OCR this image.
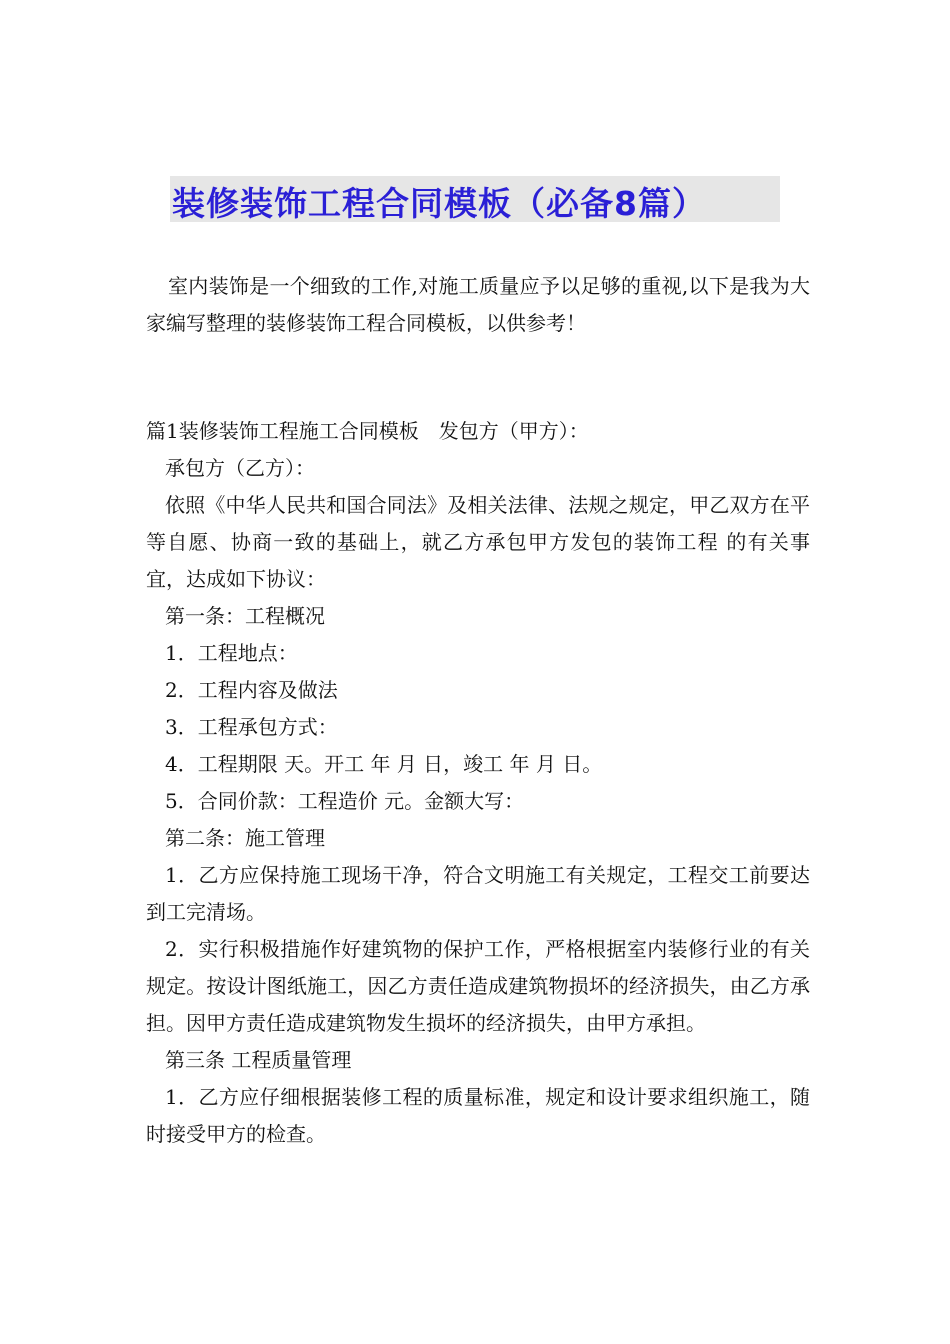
装修装饰工程合同模板（必备8篇）
室内装饰是一个细致的工作,对施工质量应予以足够的重视,以下是我为大家编写整理的装修装饰工程合同模板，以供参考！

篇1装修装饰工程施工合同模板　发包方（甲方）：

承包方（乙方）：

依照《中华人民共和国合同法》及相关法律、法规之规定，甲乙双方在平等自愿、协商一致的基础上，就乙方承包甲方发包的装饰工程 的有关事宜，达成如下协议：

第一条：工程概况

1．工程地点：

2．工程内容及做法

3．工程承包方式：

4．工程期限 天。开工 年 月 日，竣工 年 月 日。

5．合同价款：工程造价 元。金额大写：

第二条：施工管理

1．乙方应保持施工现场干净，符合文明施工有关规定，工程交工前要达到工完清场。

2．实行积极措施作好建筑物的保护工作，严格根据室内装修行业的有关规定。按设计图纸施工，因乙方责任造成建筑物损坏的经济损失，由乙方承担。因甲方责任造成建筑物发生损坏的经济损失，由甲方承担。

第三条 工程质量管理

1．乙方应仔细根据装修工程的质量标准，规定和设计要求组织施工，随时接受甲方的检查。
